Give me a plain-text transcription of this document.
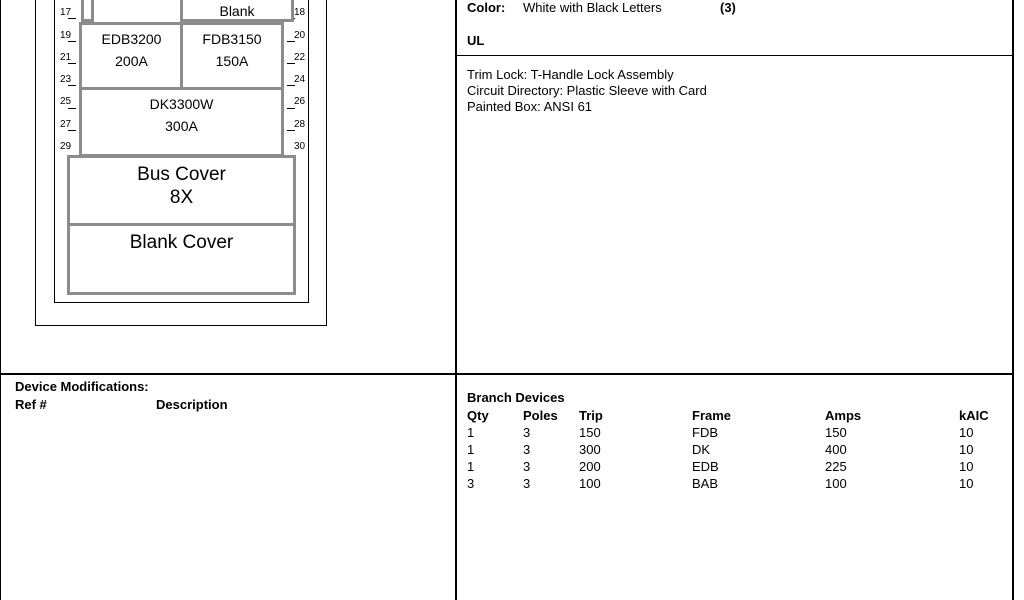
17
19
21
23
25
27
29
18
20
22
24
26
28
30
Blank
EDB3200
200A
FDB3150
150A
DK3300W
300A
Bus Cover
8X
Blank Cover
Color: White with Black Letters	(3)
UL
Trim Lock: T-Handle Lock Assembly
Circuit Directory: Plastic Sleeve with Card
Painted Box: ANSI 61
Device Modifications:
Ref #	Description	Branch Devices
Qty	Poles	Trip	Frame	Amps	kAIC
1	3	150	FDB	150	10
1	3	300	DK	400	10
1	3	200	EDB	225	10
3	3	100	BAB	100	10
